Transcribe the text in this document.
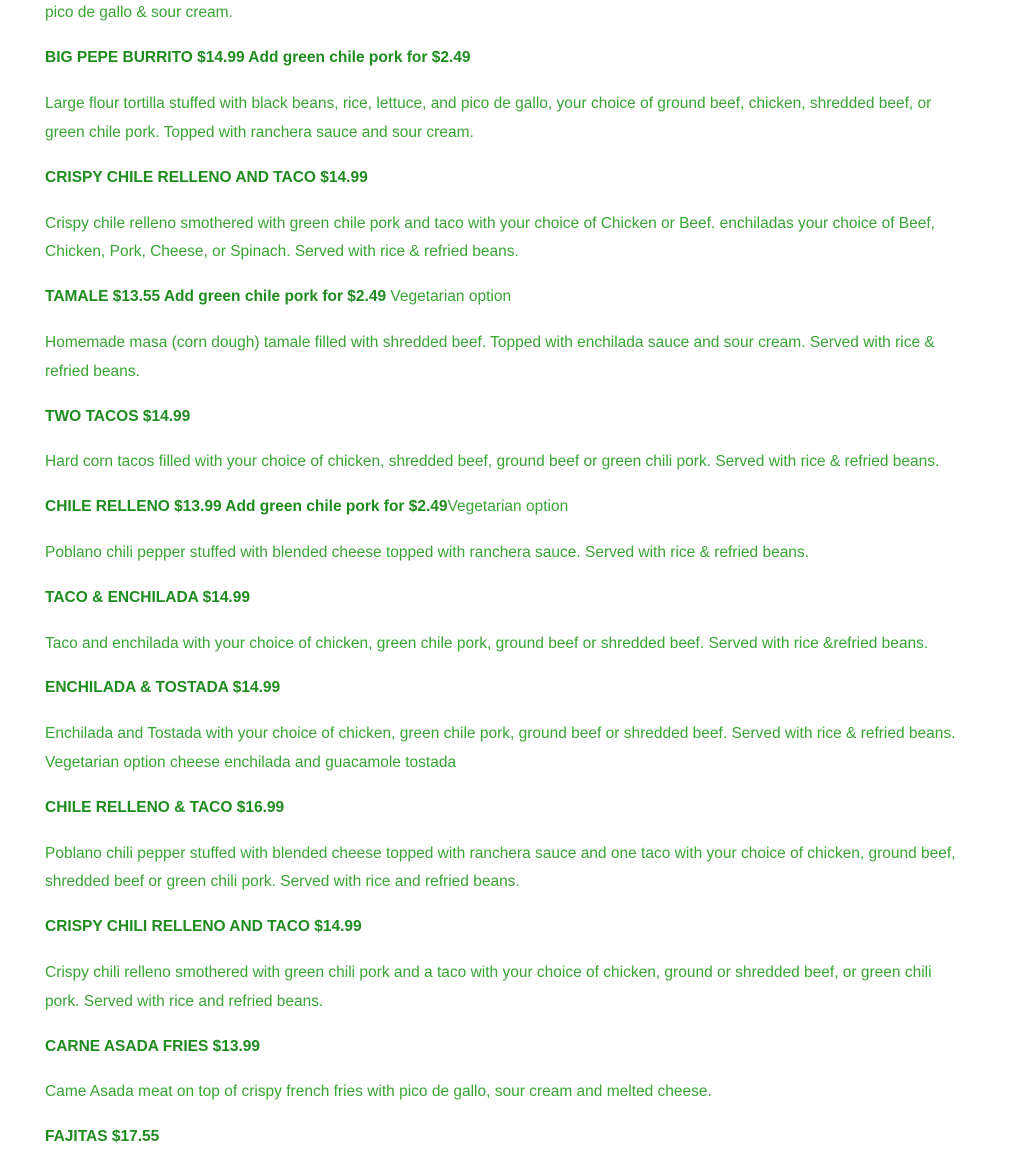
pico de gallo & sour cream.
BIG PEPE BURRITO $14.99 Add green chile pork for $2.49
Large flour tortilla stuffed with black beans, rice, lettuce, and pico de gallo, your choice of ground beef, chicken, shredded beef, or
green chile pork. Topped with ranchera sauce and sour cream.
CRISPY CHILE RELLENO AND TACO $14.99
Crispy chile relleno smothered with green chile pork and taco with your choice of Chicken or Beef. enchiladas your choice of Beef,
Chicken, Pork, Cheese, or Spinach. Served with rice & refried beans.
TAMALE $13.55 Add green chile pork for $2.49 Vegetarian option
Homemade masa (corn dough) tamale filled with shredded beef. Topped with enchilada sauce and sour cream. Served with rice &
refried beans.
TWO TACOS $14.99
Hard corn tacos filled with your choice of chicken, shredded beef, ground beef or green chili pork. Served with rice & refried beans.
CHILE RELLENO $13.99 Add green chile pork for $2.49Vegetarian option
Poblano chili pepper stuffed with blended cheese topped with ranchera sauce. Served with rice & refried beans.
TACO & ENCHILADA $14.99
Taco and enchilada with your choice of chicken, green chile pork, ground beef or shredded beef. Served with rice &refried beans.
ENCHILADA & TOSTADA $14.99
Enchilada and Tostada with your choice of chicken, green chile pork, ground beef or shredded beef. Served with rice & refried beans.
Vegetarian option cheese enchilada and guacamole tostada
CHILE RELLENO & TACO $16.99
Poblano chili pepper stuffed with blended cheese topped with ranchera sauce and one taco with your choice of chicken, ground beef,
shredded beef or green chili pork. Served with rice and refried beans.
CRISPY CHILI RELLENO AND TACO $14.99
Crispy chili relleno smothered with green chili pork and a taco with your choice of chicken, ground or shredded beef, or green chili
pork. Served with rice and refried beans.
CARNE ASADA FRIES $13.99
Came Asada meat on top of crispy french fries with pico de gallo, sour cream and melted cheese.
FAJITAS $17.55
